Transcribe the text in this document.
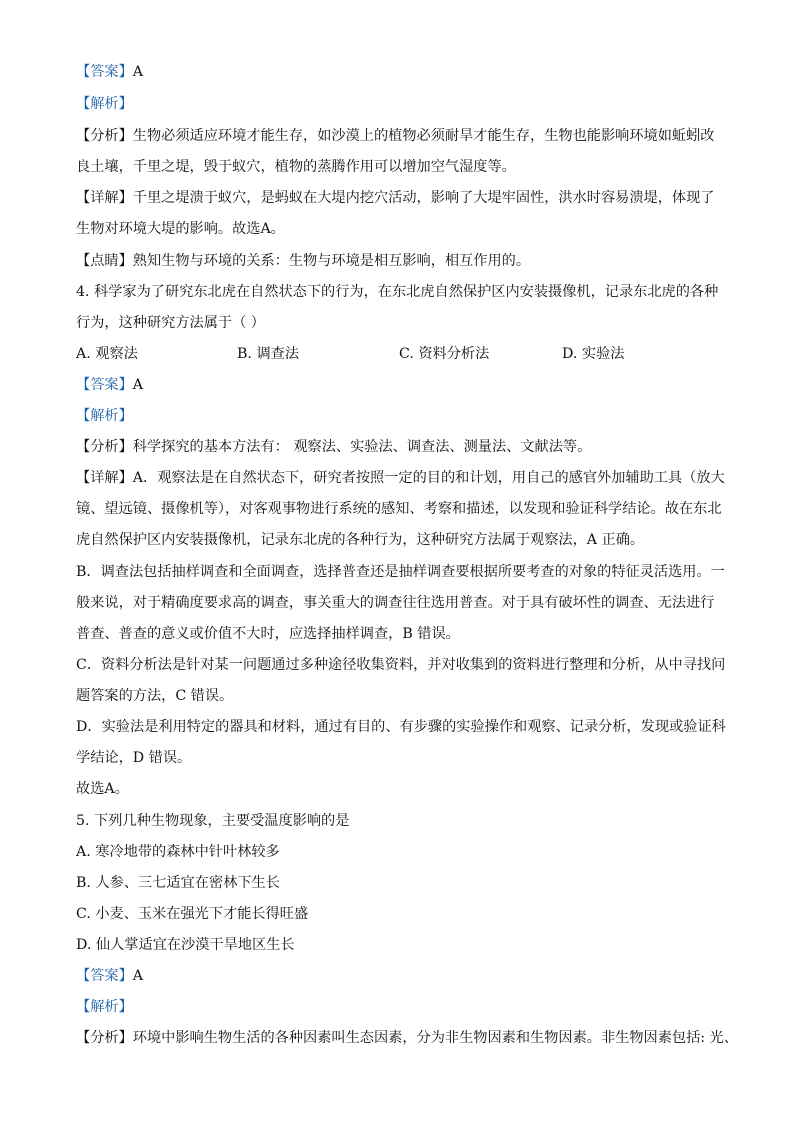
【答案】A
【解析】
【分析】生物必须适应环境才能生存，如沙漠上的植物必须耐旱才能生存，生物也能影响环境如蚯蚓改
良土壤，千里之堤，毁于蚁穴，植物的蒸腾作用可以增加空气湿度等。
【详解】千里之堤溃于蚁穴，是蚂蚁在大堤内挖穴活动，影响了大堤牢固性，洪水时容易溃堤，体现了
生物对环境大堤的影响。故选A。
【点睛】熟知生物与环境的关系：生物与环境是相互影响，相互作用的。
4. 科学家为了研究东北虎在自然状态下的行为，在东北虎自然保护区内安装摄像机，记录东北虎的各种
行为，这种研究方法属于（ ）
A. 观察法	B. 调查法	C. 资料分析法	D. 实验法
【答案】A
【解析】
【分析】科学探究的基本方法有： 观察法、实验法、调查法、测量法、文献法等。
【详解】A．观察法是在自然状态下，研究者按照一定的目的和计划，用自己的感官外加辅助工具（放大
镜、望远镜、摄像机等），对客观事物进行系统的感知、考察和描述，以发现和验证科学结论。故在东北
虎自然保护区内安装摄像机，记录东北虎的各种行为，这种研究方法属于观察法，A 正确。
B．调查法包括抽样调查和全面调查，选择普查还是抽样调查要根据所要考查的对象的特征灵活选用。一
般来说，对于精确度要求高的调查，事关重大的调查往往选用普查。对于具有破坏性的调查、无法进行
普查、普查的意义或价值不大时，应选择抽样调查，B 错误。
C．资料分析法是针对某一问题通过多种途径收集资料，并对收集到的资料进行整理和分析，从中寻找问
题答案的方法，C 错误。
D．实验法是利用特定的器具和材料，通过有目的、有步骤的实验操作和观察、记录分析，发现或验证科
学结论，D 错误。
故选A。
5. 下列几种生物现象，主要受温度影响的是
A. 寒冷地带的森林中针叶林较多
B. 人参、三七适宜在密林下生长
C. 小麦、玉米在强光下才能长得旺盛
D. 仙人掌适宜在沙漠干旱地区生长
【答案】A
【解析】
【分析】环境中影响生物生活的各种因素叫生态因素，分为非生物因素和生物因素。非生物因素包括: 光、
